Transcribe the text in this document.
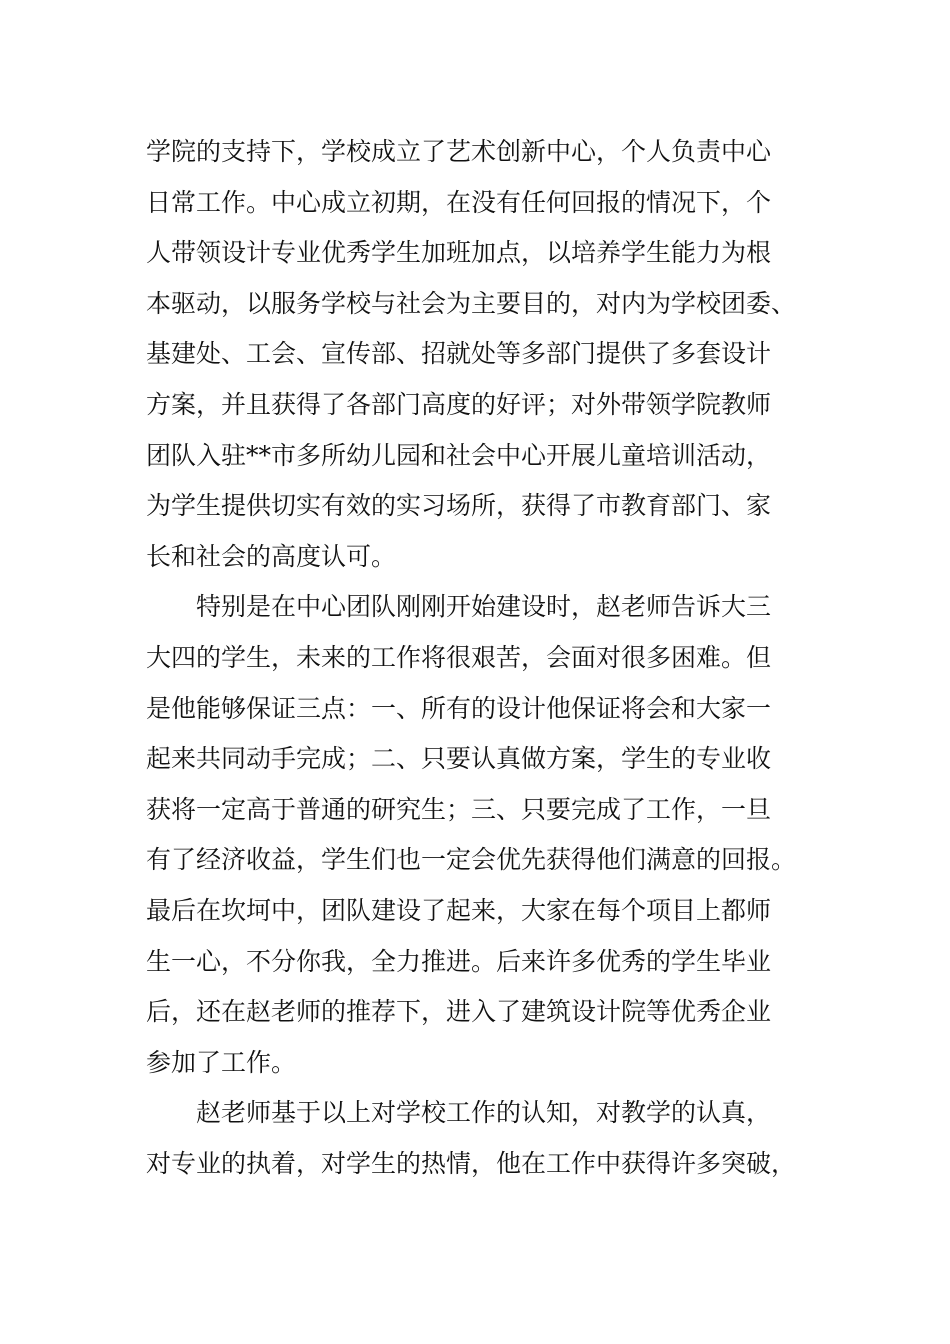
学院的支持下，学校成立了艺术创新中心，个人负责中心
日常工作。中心成立初期，在没有任何回报的情况下，个
人带领设计专业优秀学生加班加点，以培养学生能力为根
本驱动，以服务学校与社会为主要目的，对内为学校团委、
基建处、工会、宣传部、招就处等多部门提供了多套设计
方案，并且获得了各部门高度的好评；对外带领学院教师
团队入驻**市多所幼儿园和社会中心开展儿童培训活动，
为学生提供切实有效的实习场所，获得了市教育部门、家
长和社会的高度认可。
特别是在中心团队刚刚开始建设时，赵老师告诉大三
大四的学生，未来的工作将很艰苦，会面对很多困难。但
是他能够保证三点：一、所有的设计他保证将会和大家一
起来共同动手完成；二、只要认真做方案，学生的专业收
获将一定高于普通的研究生；三、只要完成了工作，一旦
有了经济收益，学生们也一定会优先获得他们满意的回报。
最后在坎坷中，团队建设了起来，大家在每个项目上都师
生一心，不分你我，全力推进。后来许多优秀的学生毕业
后，还在赵老师的推荐下，进入了建筑设计院等优秀企业
参加了工作。
赵老师基于以上对学校工作的认知，对教学的认真，
对专业的执着，对学生的热情，他在工作中获得许多突破，
